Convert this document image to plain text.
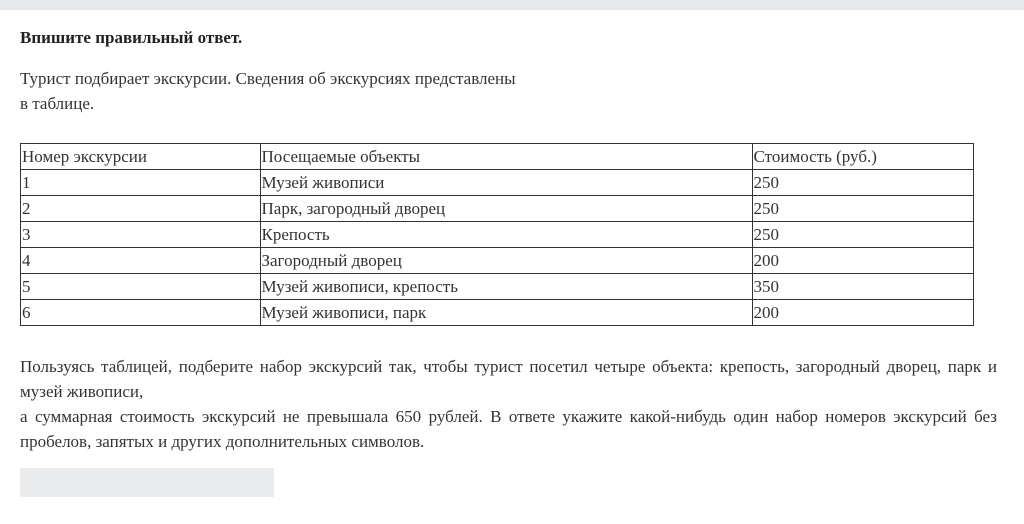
Впишите правильный ответ.

Турист подбирает экскурсии. Сведения об экскурсиях представлены
в таблице.
Номер экскурсии	Посещаемые объекты	Стоимость (руб.)
1	Музей живописи	250
2	Парк, загородный дворец	250
3	Крепость	250
4	Загородный дворец	200
5	Музей живописи, крепость	350
6	Музей живописи, парк	200

Пользуясь таблицей, подберите набор экскурсий так, чтобы турист посетил четыре объекта: крепость, загородный дворец, парк и музей живописи,

а суммарная стоимость экскурсий не превышала 650 рублей. В ответе укажите какой-нибудь один набор номеров экскурсий без пробелов, запятых и других дополнительных символов.
